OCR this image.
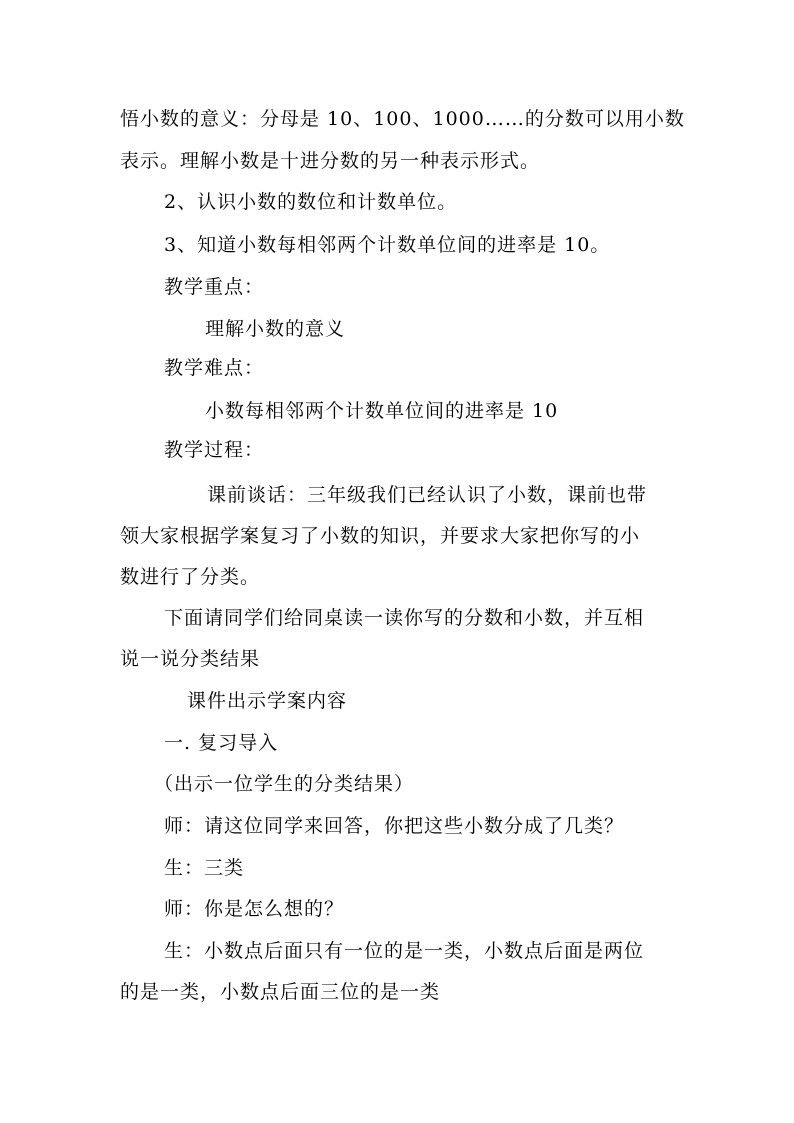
悟小数的意义：分母是 10、100、1000……的分数可以用小数
表示。理解小数是十进分数的另一种表示形式。
2、认识小数的数位和计数单位。
3、知道小数每相邻两个计数单位间的进率是 10。
教学重点：
理解小数的意义
教学难点：
小数每相邻两个计数单位间的进率是 10
教学过程：
课前谈话：三年级我们已经认识了小数，课前也带
领大家根据学案复习了小数的知识，并要求大家把你写的小
数进行了分类。
下面请同学们给同桌读一读你写的分数和小数，并互相
说一说分类结果
课件出示学案内容
一. 复习导入
（出示一位学生的分类结果）
师：请这位同学来回答，你把这些小数分成了几类？
生：三类
师：你是怎么想的？
生：小数点后面只有一位的是一类，小数点后面是两位
的是一类，小数点后面三位的是一类
